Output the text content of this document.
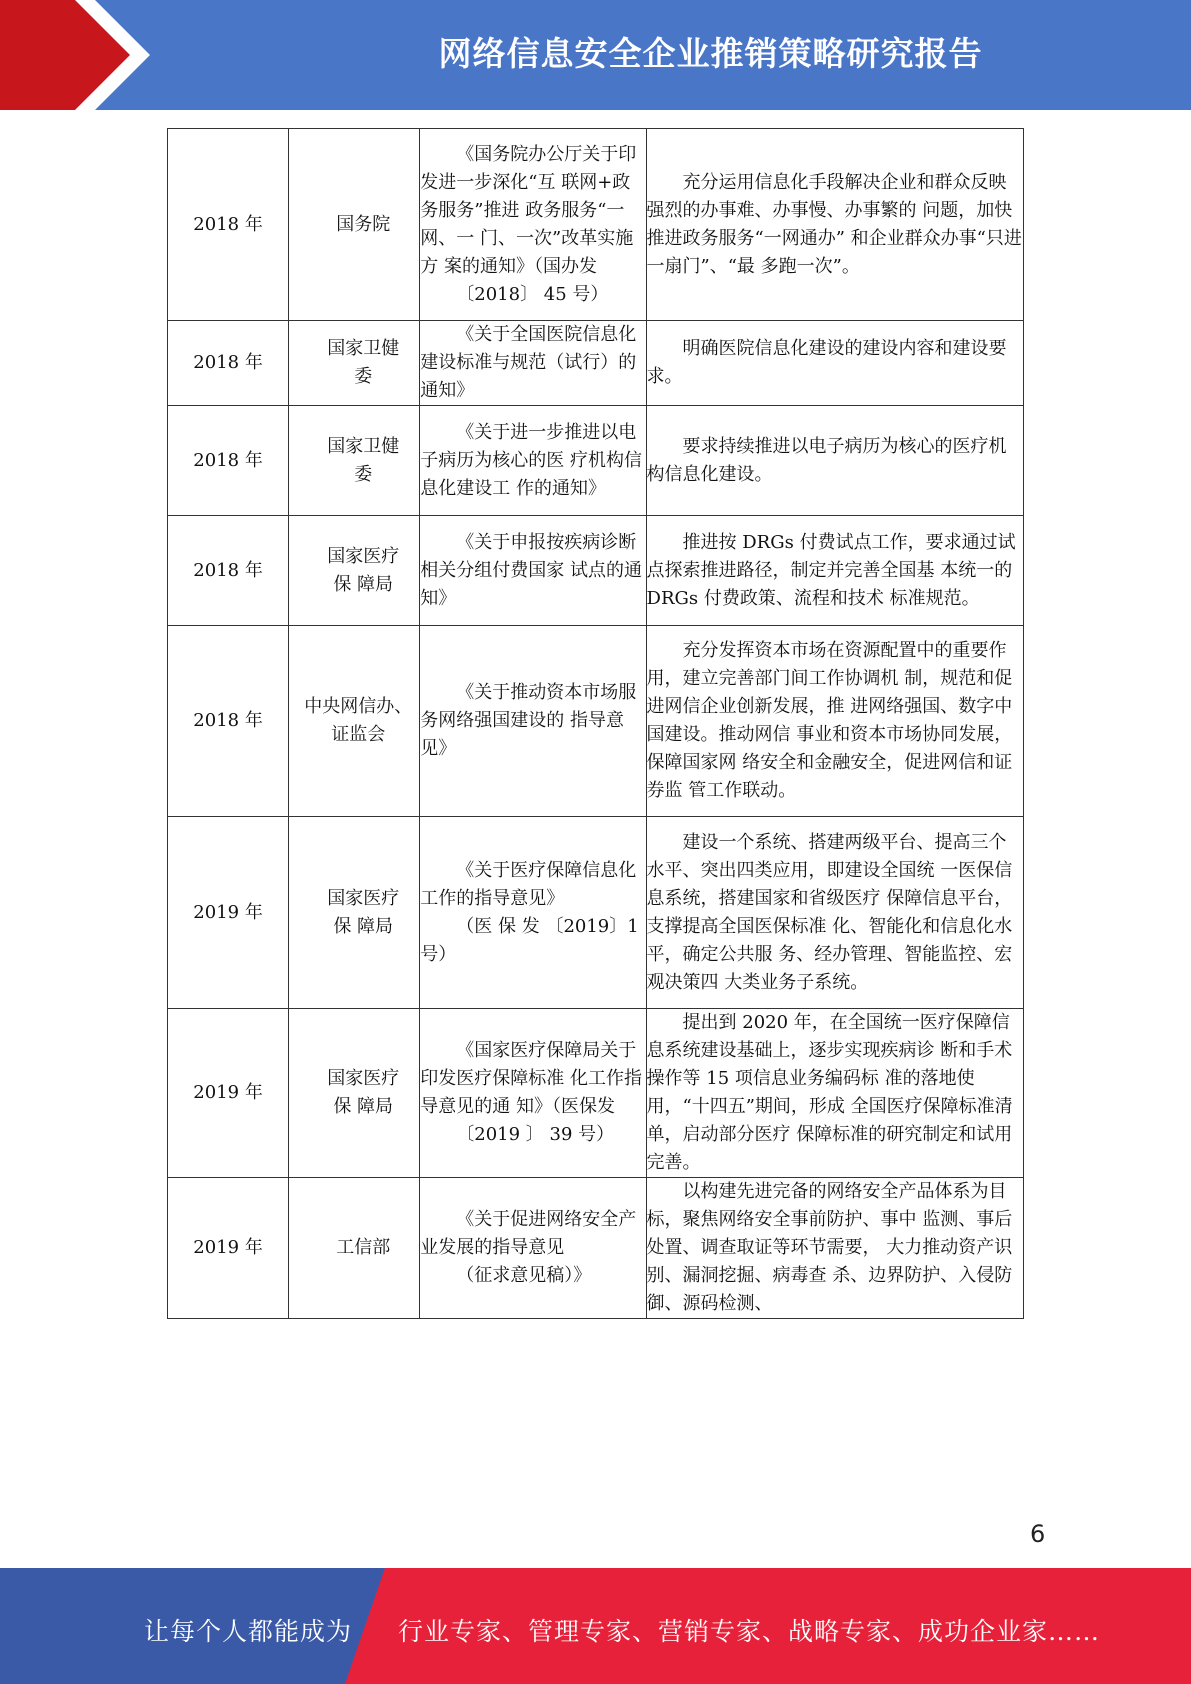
网络信息安全企业推销策略研究报告
2018 年	国务院	《国务院办公厅关于印发进一步深化“互 联网+政务服务”推进 政务服务“一网、一 门、一次”改革实施方 案的通知》（国办发
〔2018〕 45 号）	充分运用信息化手段解决企业和群众反映强烈的办事难、办事慢、办事繁的 问题，加快推进政务服务“一网通办” 和企业群众办事“只进一扇门”、“最 多跑一次”。

2018 年	国家卫健委	《关于全国医院信息化建设标准与规范（试行）的通知》	明确医院信息化建设的建设内容和建设要求。

2018 年	国家卫健委	《关于进一步推进以电子病历为核心的医 疗机构信息化建设工 作的通知》	要求持续推进以电子病历为核心的医疗机构信息化建设。

2018 年	国家医疗保 障局	《关于申报按疾病诊断相关分组付费国家 试点的通知》	推进按 DRGs 付费试点工作，要求通过试点探索推进路径，制定并完善全国基 本统一的 DRGs 付费政策、流程和技术 标准规范。

2018 年	中央网信办、证监会	《关于推动资本市场服务网络强国建设的 指导意见》	充分发挥资本市场在资源配置中的重要作用，建立完善部门间工作协调机 制，规范和促进网信企业创新发展，推 进网络强国、数字中国建设。推动网信 事业和资本市场协同发展，保障国家网 络安全和金融安全，促进网信和证券监 管工作联动。

2019 年	国家医疗保 障局	《关于医疗保障信息化工作的指导意见》
（医 保 发 〔2019〕1 号）	建设一个系统、搭建两级平台、提高三个水平、突出四类应用，即建设全国统 一医保信息系统，搭建国家和省级医疗 保障信息平台，支撑提高全国医保标准 化、智能化和信息化水平，确定公共服 务、经办管理、智能监控、宏观决策四 大类业务子系统。

2019 年	国家医疗保 障局	《国家医疗保障局关于印发医疗保障标准 化工作指导意见的通 知》（医保发
〔2019 〕 39 号）	提出到 2020 年，在全国统一医疗保障信息系统建设基础上，逐步实现疾病诊 断和手术操作等 15 项信息业务编码标 准的落地使用，“十四五”期间，形成 全国医疗保障标准清单，启动部分医疗 保障标准的研究制定和试用完善。

2019 年	工信部	《关于促进网络安全产业发展的指导意见
（征求意见稿）》	以构建先进完备的网络安全产品体系为目标，聚焦网络安全事前防护、事中 监测、事后处置、调查取证等环节需要， 大力推动资产识别、漏洞挖掘、病毒查 杀、边界防护、入侵防御、源码检测、
6
让每个人都能成为 行业专家、管理专家、营销专家、战略专家、成功企业家……
